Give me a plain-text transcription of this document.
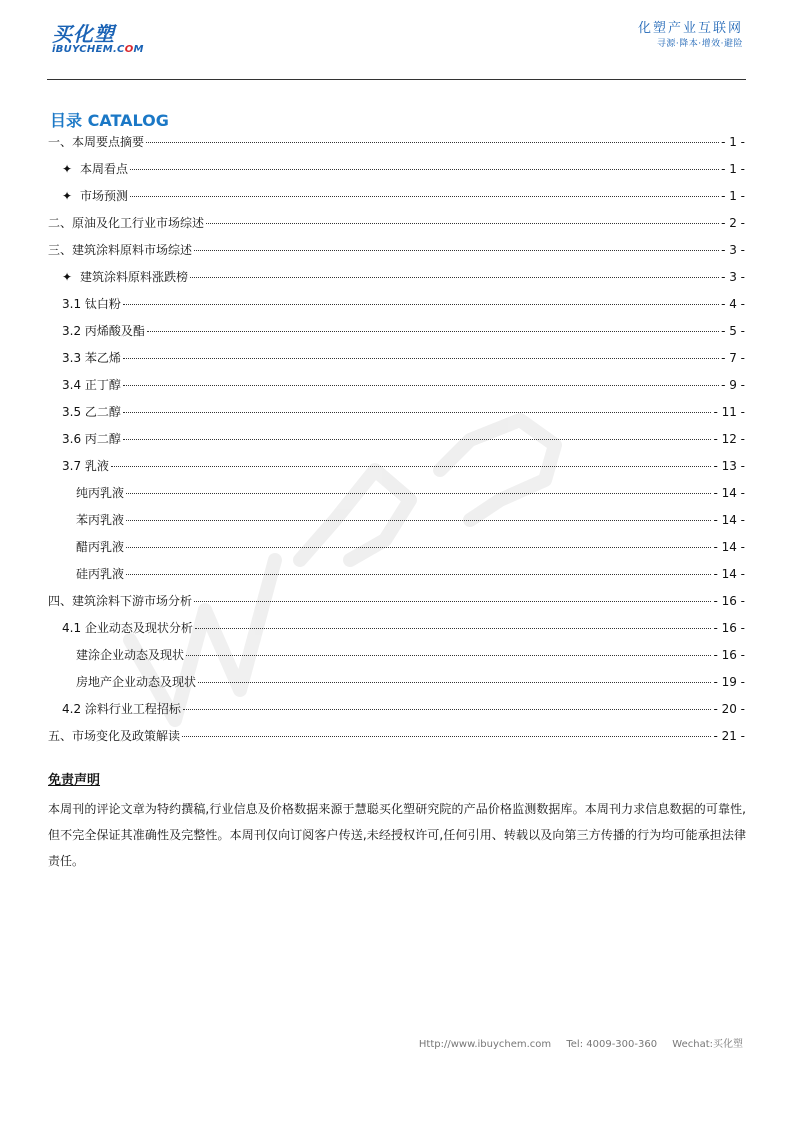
买化塑
iBUYCHEM.COM
化塑产业互联网
寻源·降本·增效·避险
目录 CATALOG
一、本周要点摘要	- 1 -
✦ 本周看点	- 1 -
✦ 市场预测	- 1 -
二、原油及化工行业市场综述	- 2 -
三、建筑涂料原料市场综述	- 3 -
✦ 建筑涂料原料涨跌榜	- 3 -
3.1 钛白粉	- 4 -
3.2 丙烯酸及酯	- 5 -
3.3 苯乙烯	- 7 -
3.4 正丁醇	- 9 -
3.5 乙二醇	- 11 -
3.6 丙二醇	- 12 -
3.7 乳液	- 13 -
纯丙乳液	- 14 -
苯丙乳液	- 14 -
醋丙乳液	- 14 -
硅丙乳液	- 14 -
四、建筑涂料下游市场分析	- 16 -
4.1 企业动态及现状分析	- 16 -
建涂企业动态及现状	- 16 -
房地产企业动态及现状	- 19 -
4.2 涂料行业工程招标	- 20 -
五、市场变化及政策解读	- 21 -
免责声明
本周刊的评论文章为特约撰稿,行业信息及价格数据来源于慧聪买化塑研究院的产品价格监测数据库。本周刊力求信息数据的可靠性,但不完全保证其准确性及完整性。本周刊仅向订阅客户传送,未经授权许可,任何引用、转载以及向第三方传播的行为均可能承担法律责任。
Http://www.ibuychem.com Tel: 4009-300-360 Wechat:买化塑
